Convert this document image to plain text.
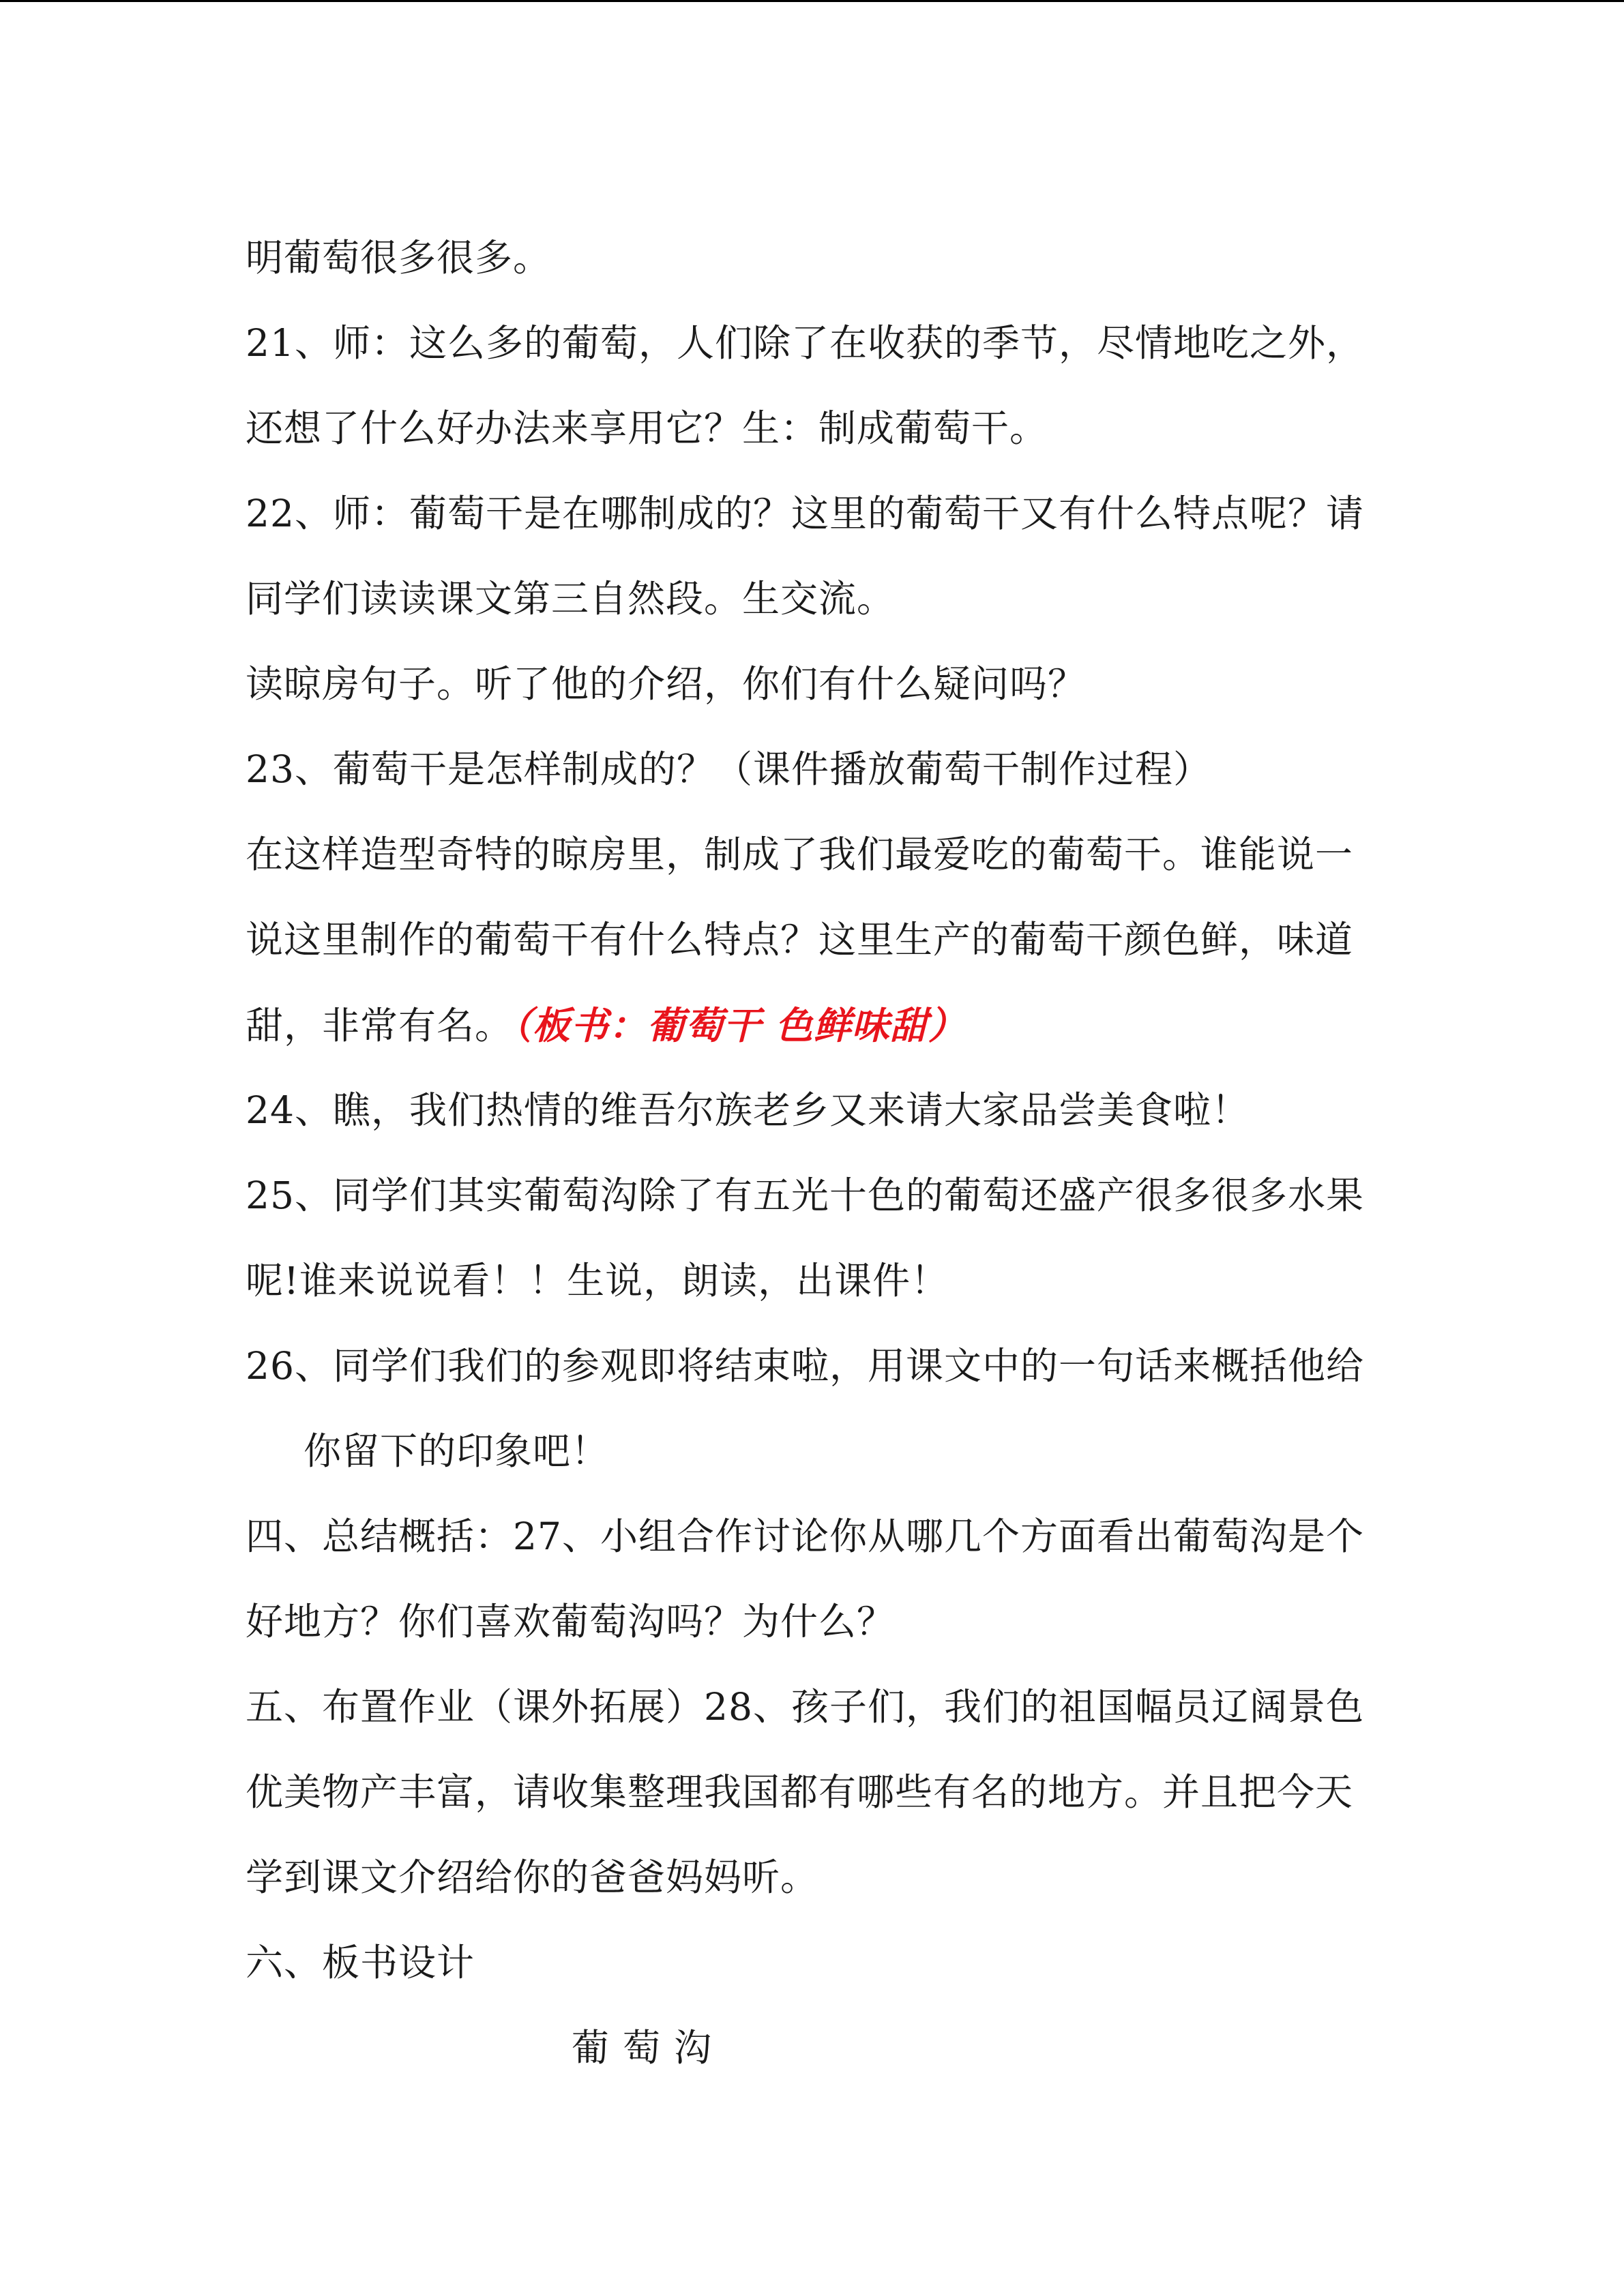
明葡萄很多很多。
21、师：这么多的葡萄，人们除了在收获的季节，尽情地吃之外，
还想了什么好办法来享用它？生：制成葡萄干。
22、师：葡萄干是在哪制成的？这里的葡萄干又有什么特点呢？请
同学们读读课文第三自然段。生交流。
读晾房句子。听了他的介绍，你们有什么疑问吗？
23、葡萄干是怎样制成的？（课件播放葡萄干制作过程）
在这样造型奇特的晾房里，制成了我们最爱吃的葡萄干。谁能说一
说这里制作的葡萄干有什么特点？这里生产的葡萄干颜色鲜，味道
甜，非常有名。（板书：葡萄干 色鲜味甜）
24、瞧，我们热情的维吾尔族老乡又来请大家品尝美食啦！
25、同学们其实葡萄沟除了有五光十色的葡萄还盛产很多很多水果
呢!谁来说说看！！生说，朗读，出课件！
26、同学们我们的参观即将结束啦，用课文中的一句话来概括他给
你留下的印象吧！
四、总结概括：27、小组合作讨论你从哪几个方面看出葡萄沟是个
好地方？你们喜欢葡萄沟吗？为什么？
五、布置作业（课外拓展）28、孩子们，我们的祖国幅员辽阔景色
优美物产丰富，请收集整理我国都有哪些有名的地方。并且把今天
学到课文介绍给你的爸爸妈妈听。
六、板书设计
葡萄沟
